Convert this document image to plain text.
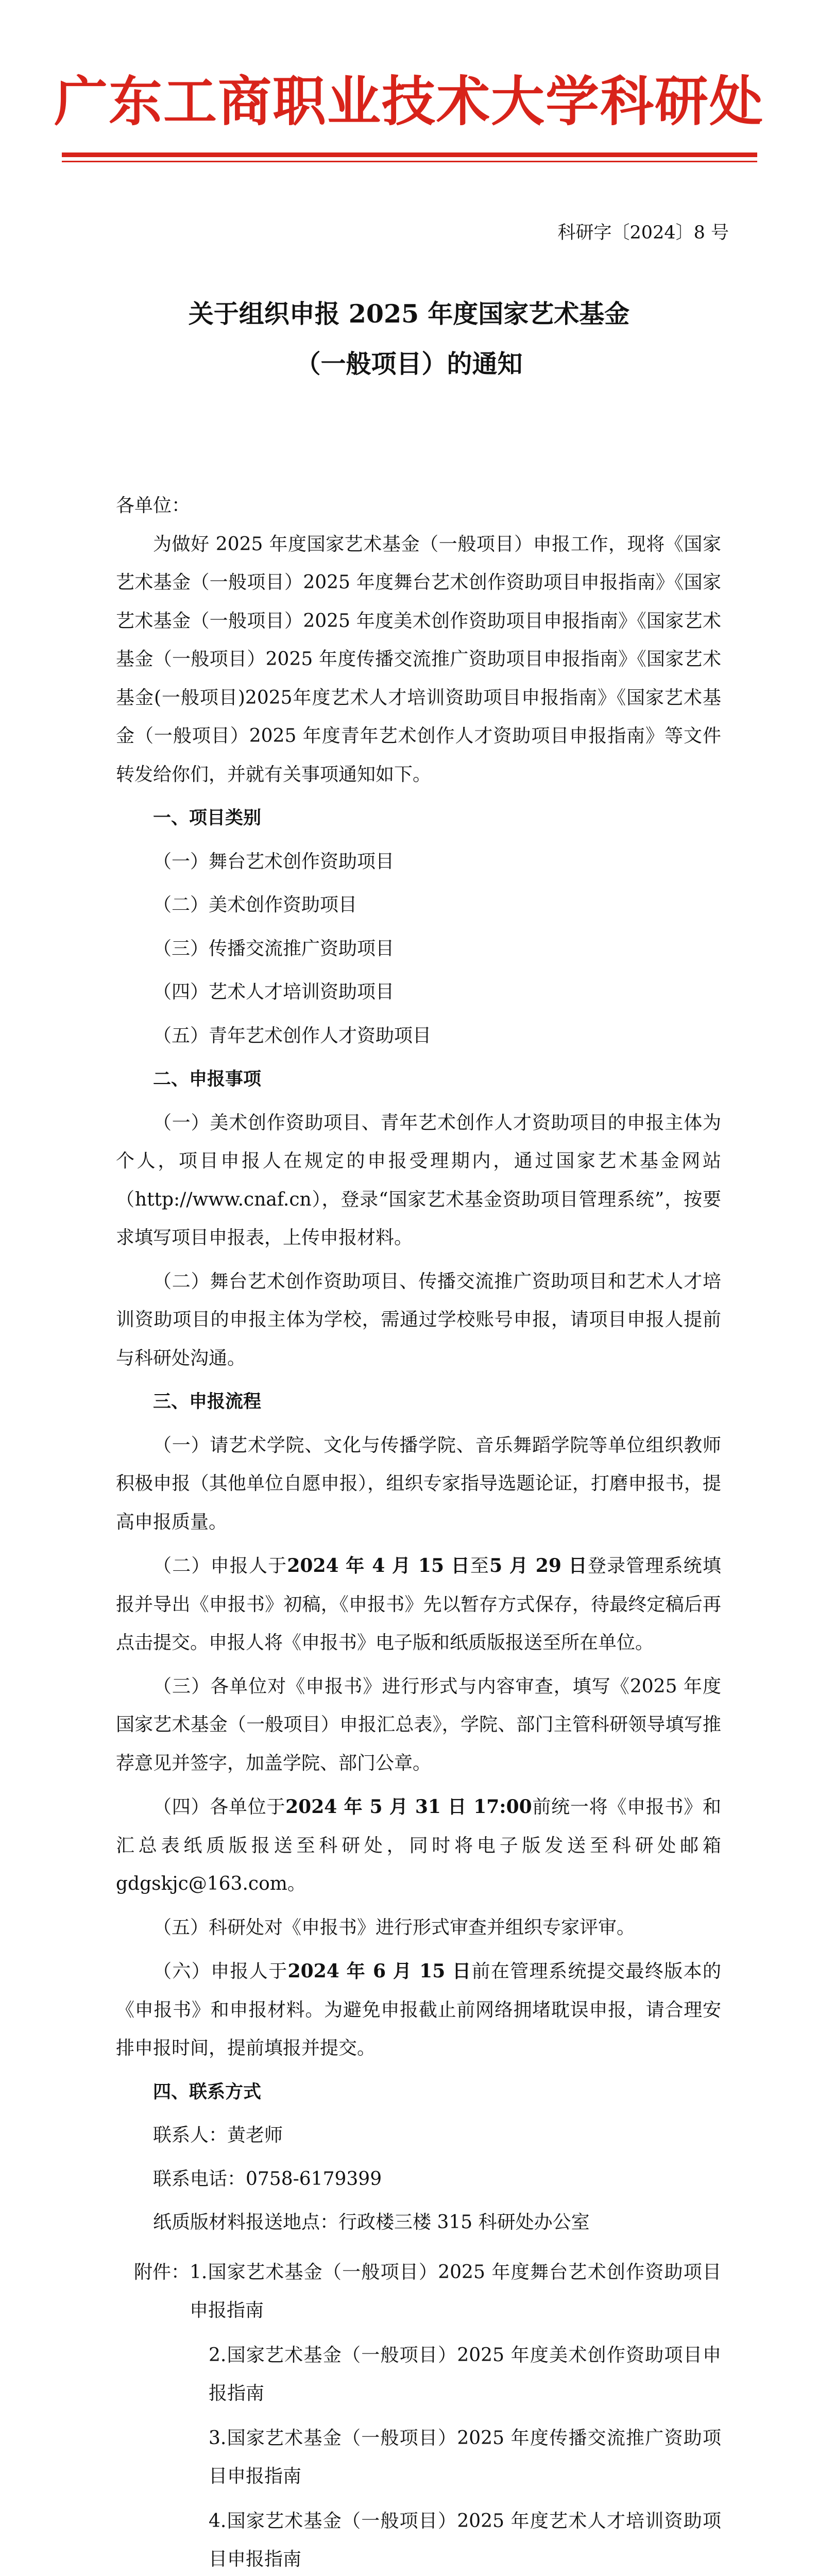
广东工商职业技术大学科研处
科研字〔2024〕8 号
关于组织申报 2025 年度国家艺术基金
（一般项目）的通知

各单位：

为做好 2025 年度国家艺术基金（一般项目）申报工作，现将《国家艺术基金（一般项目）2025 年度舞台艺术创作资助项目申报指南》《国家艺术基金（一般项目）2025 年度美术创作资助项目申报指南》《国家艺术基金（一般项目）2025 年度传播交流推广资助项目申报指南》《国家艺术基金(一般项目)2025年度艺术人才培训资助项目申报指南》《国家艺术基金（一般项目）2025 年度青年艺术创作人才资助项目申报指南》等文件转发给你们，并就有关事项通知如下。

一、项目类别

（一）舞台艺术创作资助项目

（二）美术创作资助项目

（三）传播交流推广资助项目

（四）艺术人才培训资助项目

（五）青年艺术创作人才资助项目

二、申报事项

（一）美术创作资助项目、青年艺术创作人才资助项目的申报主体为个人，项目申报人在规定的申报受理期内，通过国家艺术基金网站（http://www.cnaf.cn），登录“国家艺术基金资助项目管理系统”，按要求填写项目申报表，上传申报材料。

（二）舞台艺术创作资助项目、传播交流推广资助项目和艺术人才培训资助项目的申报主体为学校，需通过学校账号申报，请项目申报人提前与科研处沟通。

三、申报流程

（一）请艺术学院、文化与传播学院、音乐舞蹈学院等单位组织教师积极申报（其他单位自愿申报），组织专家指导选题论证，打磨申报书，提高申报质量。

（二）申报人于2024 年 4 月 15 日至5 月 29 日登录管理系统填报并导出《申报书》初稿，《申报书》先以暂存方式保存，待最终定稿后再点击提交。申报人将《申报书》电子版和纸质版报送至所在单位。

（三）各单位对《申报书》进行形式与内容审查，填写《2025 年度国家艺术基金（一般项目）申报汇总表》，学院、部门主管科研领导填写推荐意见并签字，加盖学院、部门公章。

（四）各单位于2024 年 5 月 31 日 17:00前统一将《申报书》和汇总表纸质版报送至科研处，同时将电子版发送至科研处邮箱 gdgskjc@163.com。

（五）科研处对《申报书》进行形式审查并组织专家评审。

（六）申报人于2024 年 6 月 15 日前在管理系统提交最终版本的《申报书》和申报材料。为避免申报截止前网络拥堵耽误申报，请合理安排申报时间，提前填报并提交。

四、联系方式

联系人：黄老师

联系电话：0758-6179399

纸质版材料报送地点：行政楼三楼 315 科研处办公室

附件： 1.国家艺术基金（一般项目）2025 年度舞台艺术创作资助项目申报指南

2.国家艺术基金（一般项目）2025 年度美术创作资助项目申报指南

3.国家艺术基金（一般项目）2025 年度传播交流推广资助项目申报指南

4.国家艺术基金（一般项目）2025 年度艺术人才培训资助项目申报指南
